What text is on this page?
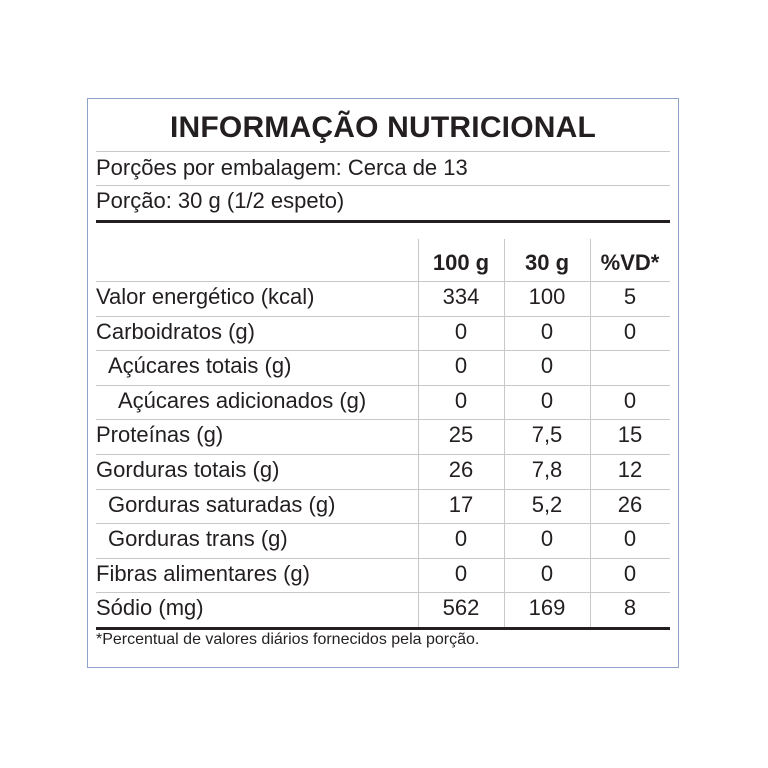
INFORMAÇÃO NUTRICIONAL
Porções por embalagem: Cerca de 13
Porção: 30 g (1/2 espeto)
100 g	30 g	%VD*
Valor energético (kcal)	334	100	5
Carboidratos (g)	0	0	0
Açúcares totais (g)	0	0
Açúcares adicionados (g)	0	0	0
Proteínas (g)	25	7,5	15
Gorduras totais (g)	26	7,8	12
Gorduras saturadas (g)	17	5,2	26
Gorduras trans (g)	0	0	0
Fibras alimentares (g)	0	0	0
Sódio (mg)	562	169	8
*Percentual de valores diários fornecidos pela porção.
